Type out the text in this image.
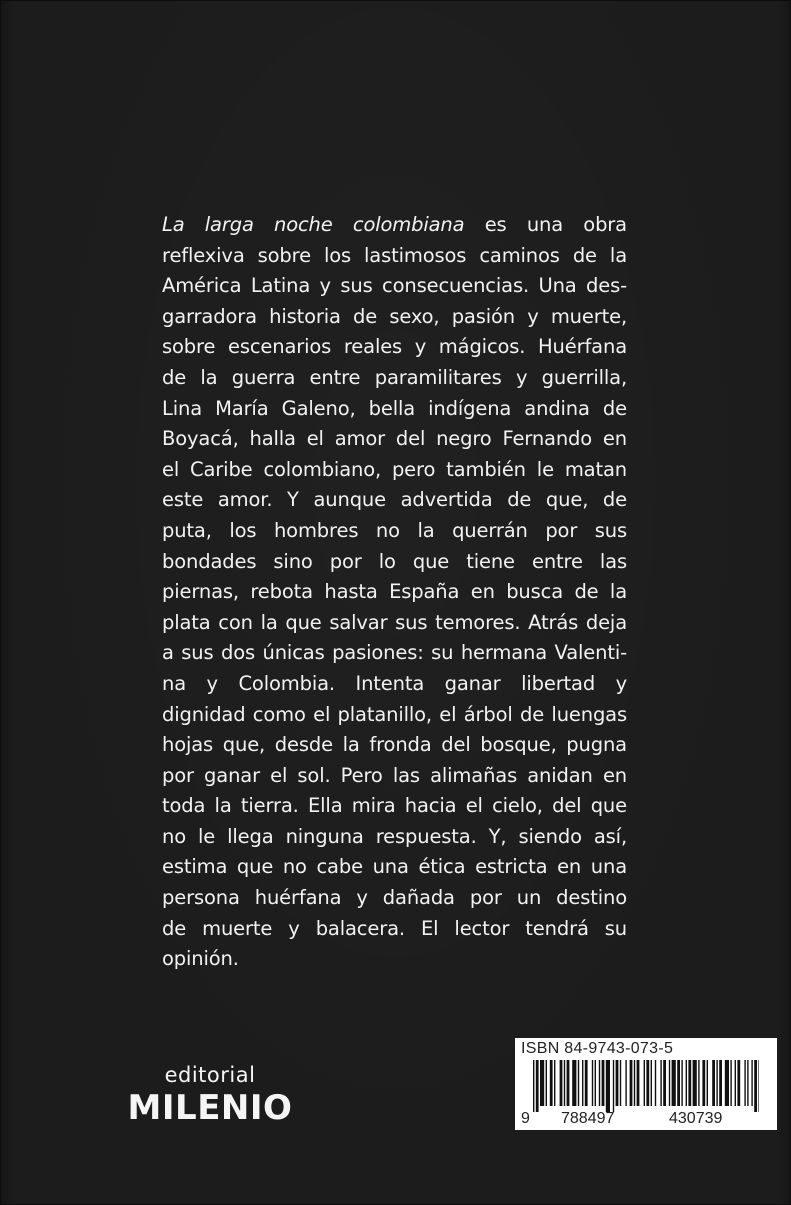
La larga noche colombiana es una obra
reflexiva sobre los lastimosos caminos de la
América Latina y sus consecuencias. Una des-
garradora historia de sexo, pasión y muerte,
sobre escenarios reales y mágicos. Huérfana
de la guerra entre paramilitares y guerrilla,
Lina María Galeno, bella indígena andina de
Boyacá, halla el amor del negro Fernando en
el Caribe colombiano, pero también le matan
este amor. Y aunque advertida de que, de
puta, los hombres no la querrán por sus
bondades sino por lo que tiene entre las
piernas, rebota hasta España en busca de la
plata con la que salvar sus temores. Atrás deja
a sus dos únicas pasiones: su hermana Valenti-
na y Colombia. Intenta ganar libertad y
dignidad como el platanillo, el árbol de luengas
hojas que, desde la fronda del bosque, pugna
por ganar el sol. Pero las alimañas anidan en
toda la tierra. Ella mira hacia el cielo, del que
no le llega ninguna respuesta. Y, siendo así,
estima que no cabe una ética estricta en una
persona huérfana y dañada por un destino
de muerte y balacera. El lector tendrá su
opinión.
editorial
MILENIO
ISBN 84-9743-073-5
9 788497	430739
